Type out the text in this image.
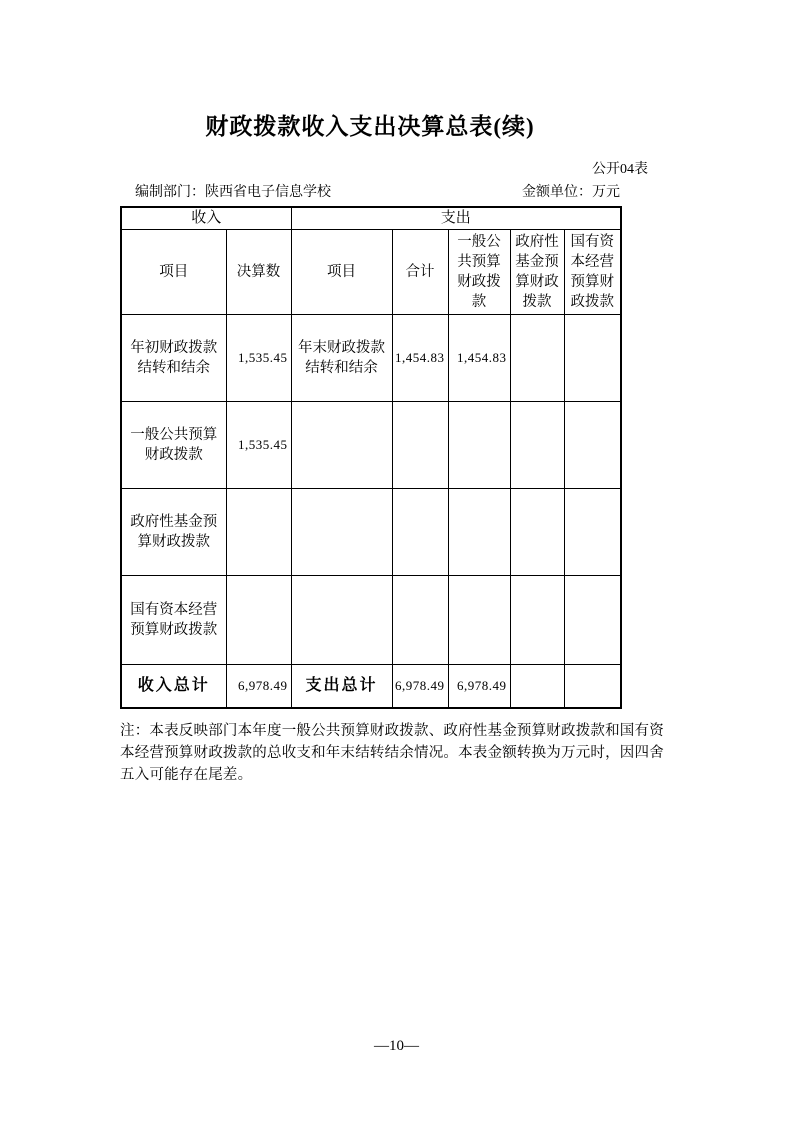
财政拨款收入支出决算总表(续)
公开04表
编制部门：陕西省电子信息学校	金额单位：万元
收入		支出				
项目	决算数	项目	合计	一般公共预算财政拨款	政府性基金预算财政拨款	国有资本经营预算财政拨款
年初财政拨款结转和结余	1,535.45	年末财政拨款结转和结余	1,454.83	1,454.83		
一般公共预算财政拨款	1,535.45					
政府性基金预算财政拨款						
国有资本经营预算财政拨款						
收入总计	6,978.49	支出总计	6,978.49	6,978.49		
注：本表反映部门本年度一般公共预算财政拨款、政府性基金预算财政拨款和国有资
本经营预算财政拨款的总收支和年末结转结余情况。本表金额转换为万元时，因四舍
五入可能存在尾差。
—10—
